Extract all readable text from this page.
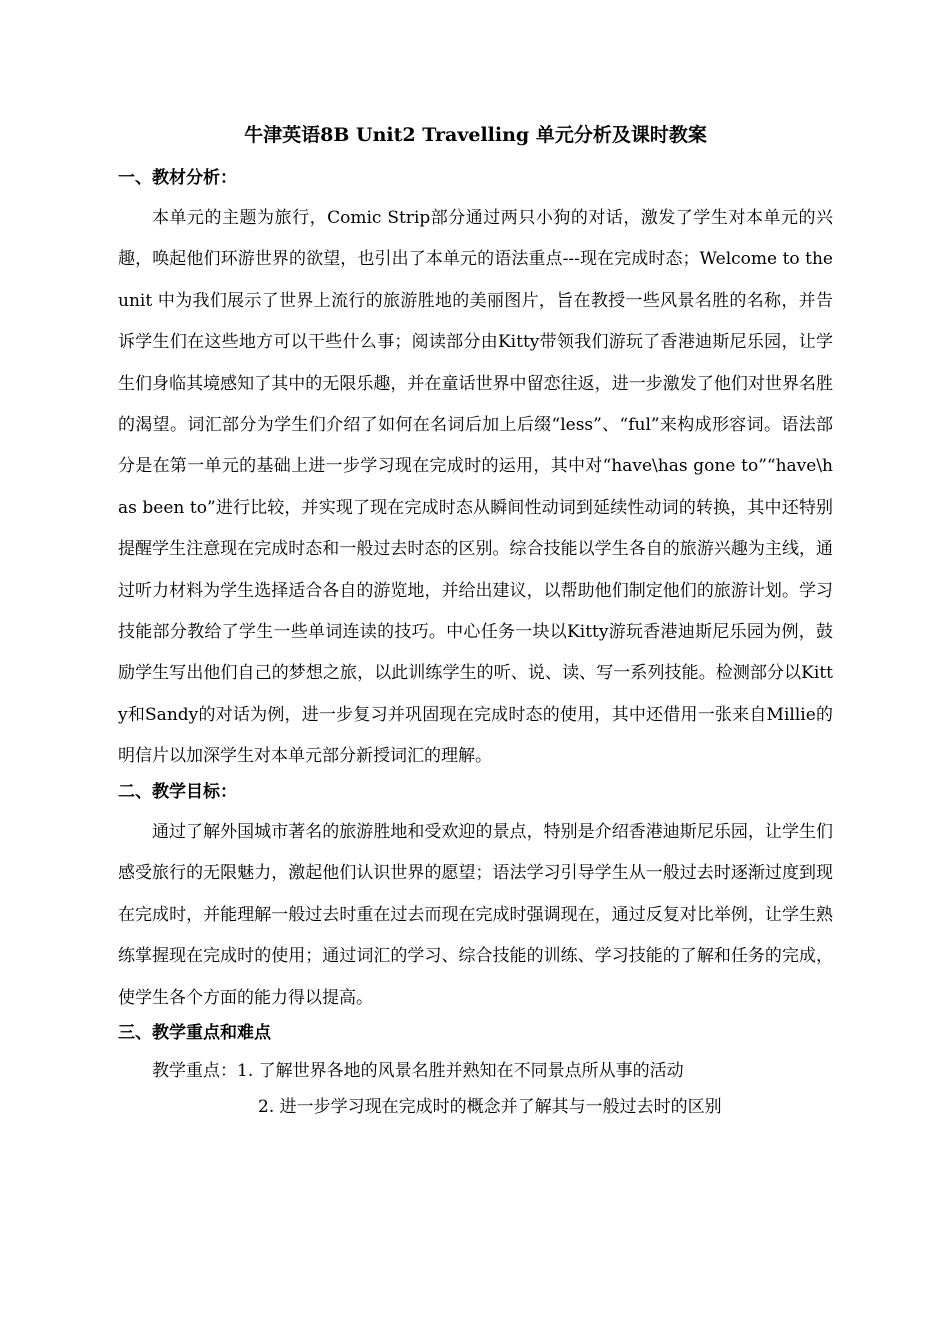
牛津英语8B Unit2 Travelling 单元分析及课时教案
一、教材分析：
本单元的主题为旅行，Comic Strip部分通过两只小狗的对话，激发了学生对本单元的兴趣，唤起他们环游世界的欲望，也引出了本单元的语法重点---现在完成时态；Welcome to the unit 中为我们展示了世界上流行的旅游胜地的美丽图片，旨在教授一些风景名胜的名称，并告诉学生们在这些地方可以干些什么事；阅读部分由Kitty带领我们游玩了香港迪斯尼乐园，让学生们身临其境感知了其中的无限乐趣，并在童话世界中留恋往返，进一步激发了他们对世界名胜的渴望。词汇部分为学生们介绍了如何在名词后加上后缀“less”、“ful”来构成形容词。语法部分是在第一单元的基础上进一步学习现在完成时的运用，其中对“have\has gone to”“have\has been to”进行比较，并实现了现在完成时态从瞬间性动词到延续性动词的转换，其中还特别提醒学生注意现在完成时态和一般过去时态的区别。综合技能以学生各自的旅游兴趣为主线，通过听力材料为学生选择适合各自的游览地，并给出建议，以帮助他们制定他们的旅游计划。学习技能部分教给了学生一些单词连读的技巧。中心任务一块以Kitty游玩香港迪斯尼乐园为例，鼓励学生写出他们自己的梦想之旅，以此训练学生的听、说、读、写一系列技能。检测部分以Kitty和Sandy的对话为例，进一步复习并巩固现在完成时态的使用，其中还借用一张来自Millie的明信片以加深学生对本单元部分新授词汇的理解。
二、教学目标：
通过了解外国城市著名的旅游胜地和受欢迎的景点，特别是介绍香港迪斯尼乐园，让学生们感受旅行的无限魅力，激起他们认识世界的愿望；语法学习引导学生从一般过去时逐渐过度到现在完成时，并能理解一般过去时重在过去而现在完成时强调现在，通过反复对比举例，让学生熟练掌握现在完成时的使用；通过词汇的学习、综合技能的训练、学习技能的了解和任务的完成，使学生各个方面的能力得以提高。
三、教学重点和难点
教学重点：1. 了解世界各地的风景名胜并熟知在不同景点所从事的活动
2. 进一步学习现在完成时的概念并了解其与一般过去时的区别
